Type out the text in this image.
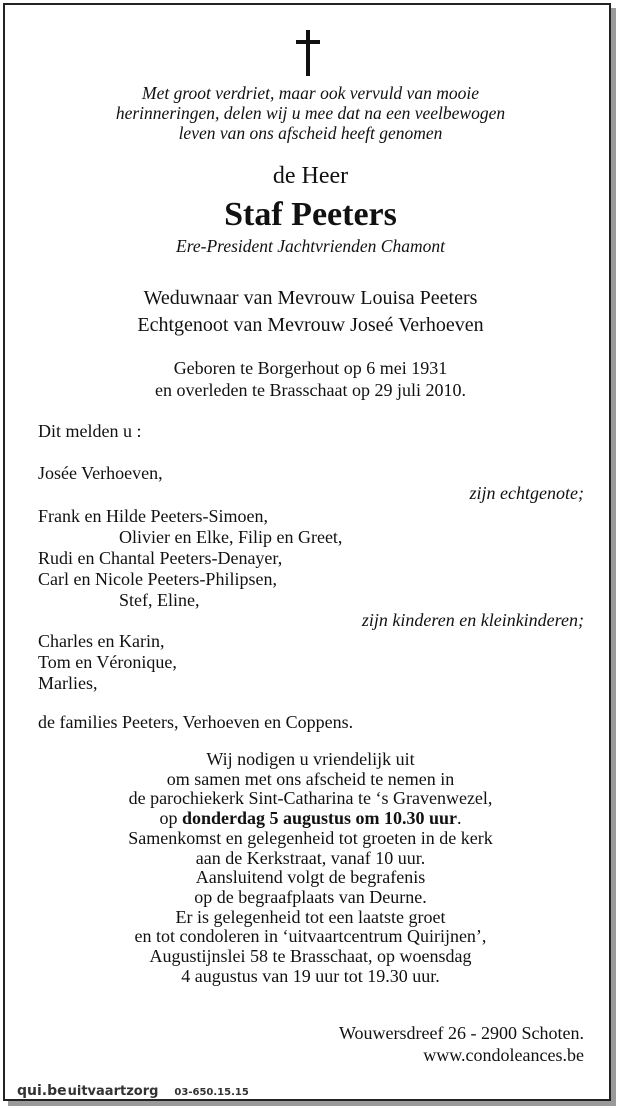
Met groot verdriet, maar ook vervuld van mooie
herinneringen, delen wij u mee dat na een veelbewogen
leven van ons afscheid heeft genomen
de Heer
Staf Peeters
Ere-President Jachtvrienden Chamont
Weduwnaar van Mevrouw Louisa Peeters
Echtgenoot van Mevrouw Joseé Verhoeven
Geboren te Borgerhout op 6 mei 1931
en overleden te Brasschaat op 29 juli 2010.
Dit melden u :
Josée Verhoeven,
zijn echtgenote;
Frank en Hilde Peeters-Simoen,
Olivier en Elke, Filip en Greet,
Rudi en Chantal Peeters-Denayer,
Carl en Nicole Peeters-Philipsen,
Stef, Eline,
zijn kinderen en kleinkinderen;
Charles en Karin,
Tom en Véronique,
Marlies,
de families Peeters, Verhoeven en Coppens.
Wij nodigen u vriendelijk uit
om samen met ons afscheid te nemen in
de parochiekerk Sint-Catharina te ‘s Gravenwezel,
op donderdag 5 augustus om 10.30 uur.
Samenkomst en gelegenheid tot groeten in de kerk
aan de Kerkstraat, vanaf 10 uur.
Aansluitend volgt de begrafenis
op de begraafplaats van Deurne.
Er is gelegenheid tot een laatste groet
en tot condoleren in ‘uitvaartcentrum Quirijnen’,
Augustijnslei 58 te Brasschaat, op woensdag
4 augustus van 19 uur tot 19.30 uur.
Wouwersdreef 26 - 2900 Schoten.
www.condoleances.be
qui.beuitvaartzorg 03-650.15.15
